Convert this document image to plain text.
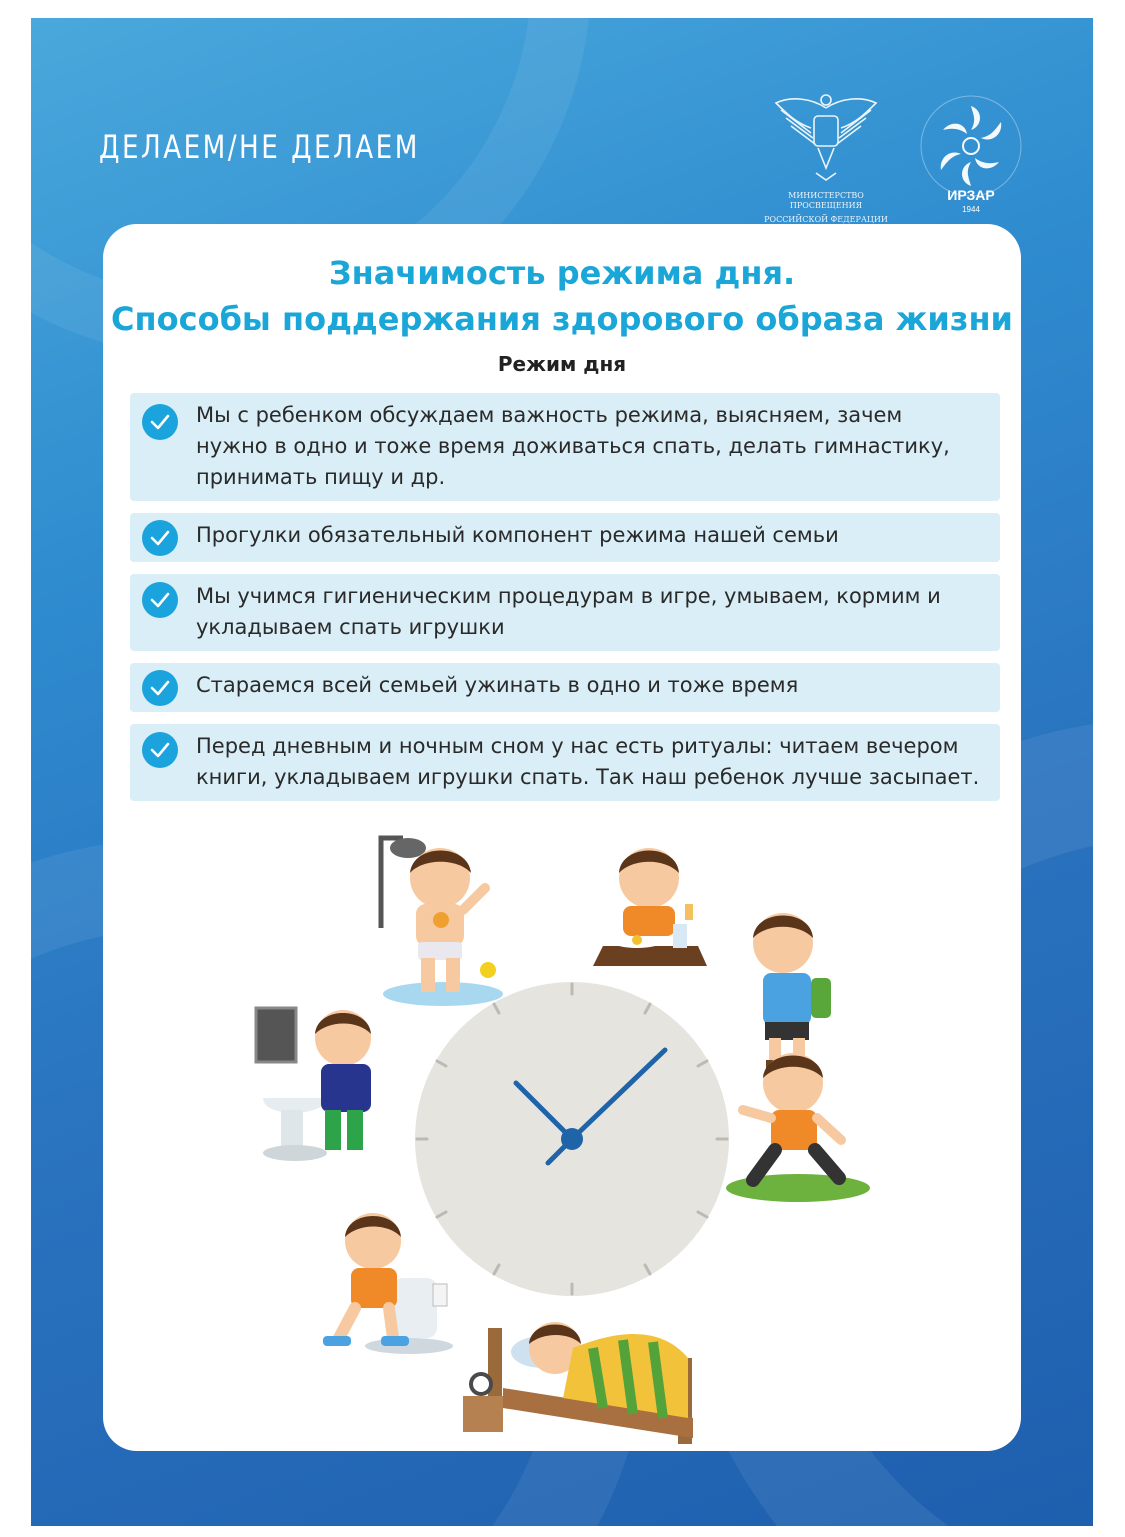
ДЕЛАЕМ/НЕ ДЕЛАЕМ
МИНИСТЕРСТВО ПРОСВЕЩЕНИЯ
РОССИЙСКОЙ ФЕДЕРАЦИИ
ИРЗАР
1944
Значимость режима дня.
Способы поддержания здорового образа жизни
Режим дня
Мы с ребенком обсуждаем важность режима, выясняем, зачем нужно в одно и тоже время доживаться спать, делать гимнастику, принимать пищу и др.
Прогулки обязательный компонент режима нашей семьи
Мы учимся гигиеническим процедурам в игре, умываем, кормим и укладываем спать игрушки
Стараемся всей семьей ужинать в одно и тоже время
Перед дневным и ночным сном у нас есть ритуалы: читаем вечером книги, укладываем игрушки спать. Так наш ребенок лучше засыпает.
